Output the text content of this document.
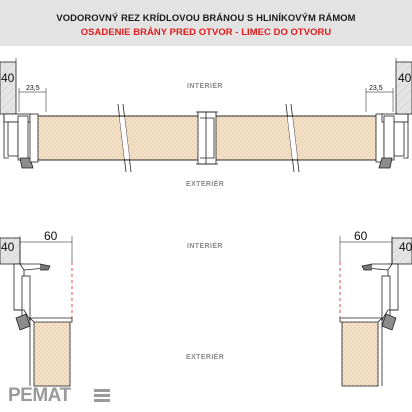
VODOROVNÝ REZ KRÍDLOVOU BRÁNOU S HLINÍKOVÝM RÁMOM
OSADENIE BRÁNY PRED OTVOR - LIMEC DO OTVORU
40
23,5
40
23,5
INTERIÉR
EXTERIÉR
40
60
40
60
INTERIÉR
EXTERIÉR
PEMAT
